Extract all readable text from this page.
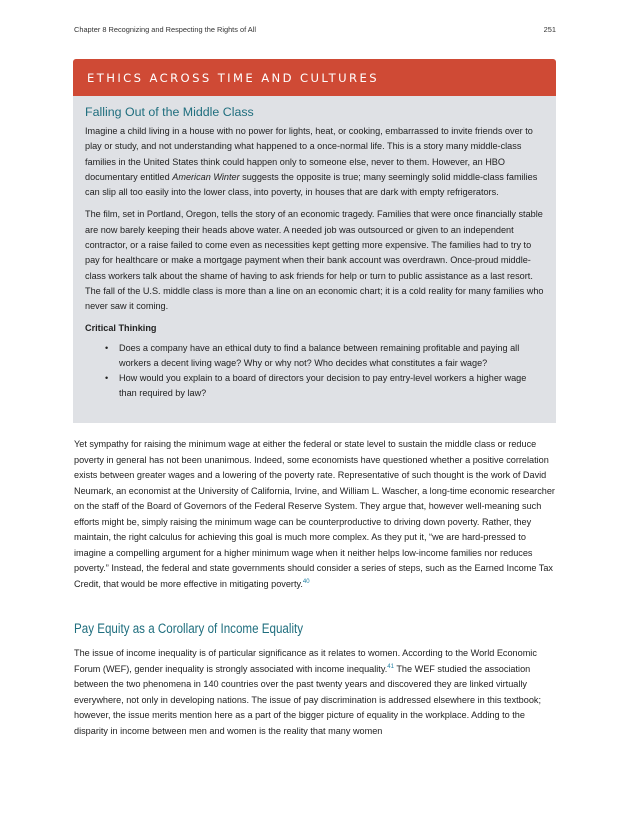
Chapter 8 Recognizing and Respecting the Rights of All	251
ETHICS ACROSS TIME AND CULTURES
Falling Out of the Middle Class

Imagine a child living in a house with no power for lights, heat, or cooking, embarrassed to invite friends over to play or study, and not understanding what happened to a once-normal life. This is a story many middle-class families in the United States think could happen only to someone else, never to them. However, an HBO documentary entitled American Winter suggests the opposite is true; many seemingly solid middle-class families can slip all too easily into the lower class, into poverty, in houses that are dark with empty refrigerators.

The film, set in Portland, Oregon, tells the story of an economic tragedy. Families that were once financially stable are now barely keeping their heads above water. A needed job was outsourced or given to an independent contractor, or a raise failed to come even as necessities kept getting more expensive. The families had to try to pay for healthcare or make a mortgage payment when their bank account was overdrawn. Once-proud middle-class workers talk about the shame of having to ask friends for help or turn to public assistance as a last resort. The fall of the U.S. middle class is more than a line on an economic chart; it is a cold reality for many families who never saw it coming.

Critical Thinking

• Does a company have an ethical duty to find a balance between remaining profitable and paying all workers a decent living wage? Why or why not? Who decides what constitutes a fair wage?
• How would you explain to a board of directors your decision to pay entry-level workers a higher wage than required by law?

Yet sympathy for raising the minimum wage at either the federal or state level to sustain the middle class or reduce poverty in general has not been unanimous. Indeed, some economists have questioned whether a positive correlation exists between greater wages and a lowering of the poverty rate. Representative of such thought is the work of David Neumark, an economist at the University of California, Irvine, and William L. Wascher, a long-time economic researcher on the staff of the Board of Governors of the Federal Reserve System. They argue that, however well-meaning such efforts might be, simply raising the minimum wage can be counterproductive to driving down poverty. Rather, they maintain, the right calculus for achieving this goal is much more complex. As they put it, “we are hard-pressed to imagine a compelling argument for a higher minimum wage when it neither helps low-income families nor reduces poverty.” Instead, the federal and state governments should consider a series of steps, such as the Earned Income Tax Credit, that would be more effective in mitigating poverty.$^{40}$

Pay Equity as a Corollary of Income Equality

The issue of income inequality is of particular significance as it relates to women. According to the World Economic Forum (WEF), gender inequality is strongly associated with income inequality.$^{41}$ The WEF studied the association between the two phenomena in 140 countries over the past twenty years and discovered they are linked virtually everywhere, not only in developing nations. The issue of pay discrimination is addressed elsewhere in this textbook; however, the issue merits mention here as a part of the bigger picture of equality in the workplace. Adding to the disparity in income between men and women is the reality that many women
